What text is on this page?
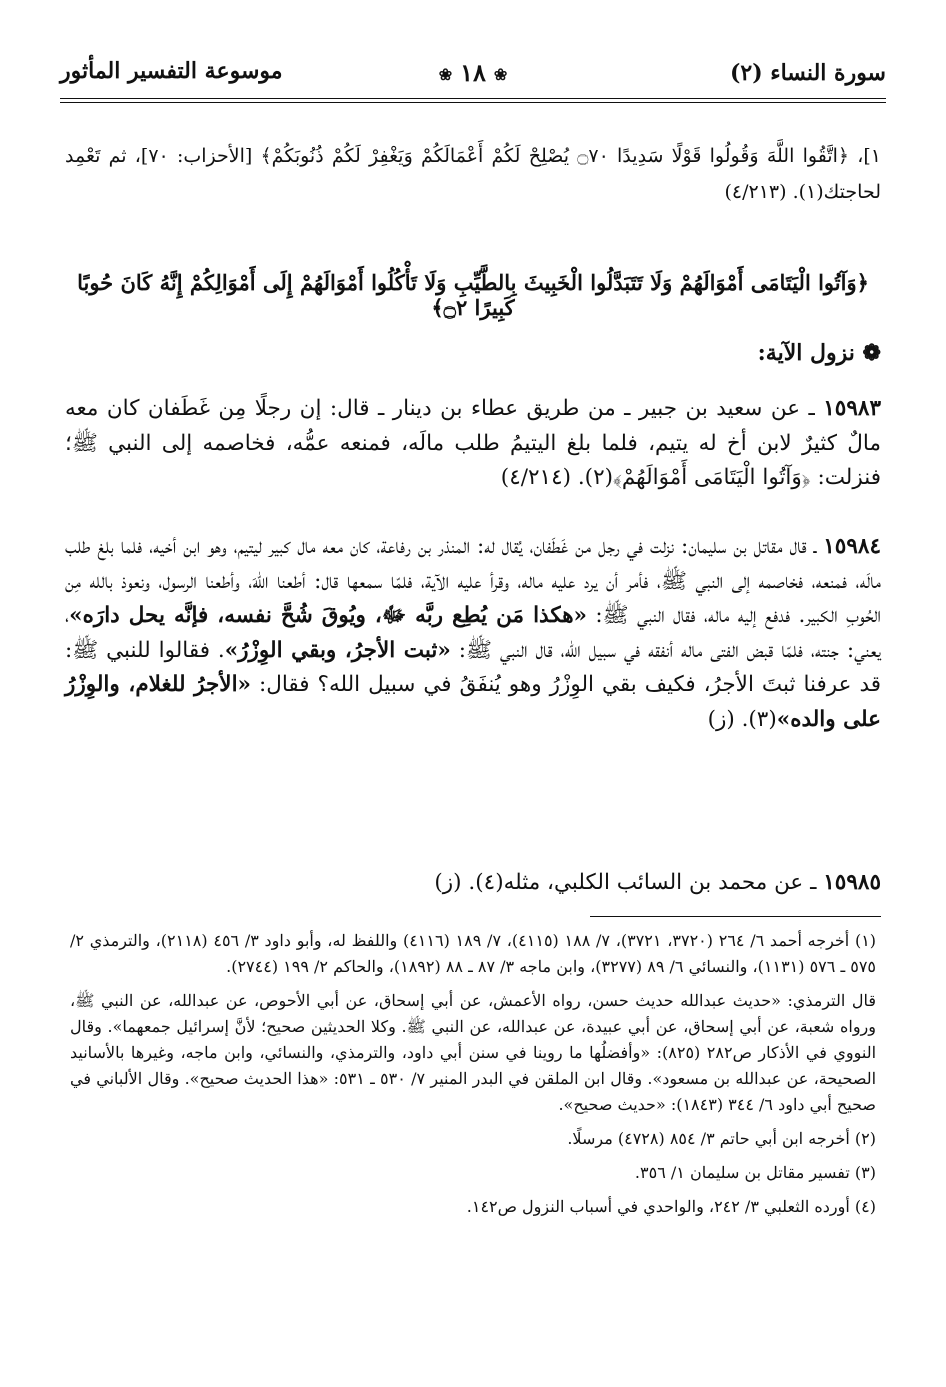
موسوعة التفسير المأثور	❀ ١٨ ❀	سورة النساء (٢)
١]، ﴿اتَّقُوا اللَّهَ وَقُولُوا قَوْلًا سَدِيدًا ۝٧٠ يُصْلِحْ لَكُمْ أَعْمَالَكُمْ وَيَغْفِرْ لَكُمْ ذُنُوبَكُمْ﴾ [الأحزاب: ٧٠]، ثم تَعْمِد لحاجتك(١). (٤/٢١٣)
﴿وَآتُوا الْيَتَامَى أَمْوَالَهُمْ وَلَا تَتَبَدَّلُوا الْخَبِيثَ بِالطَّيِّبِ وَلَا تَأْكُلُوا أَمْوَالَهُمْ إِلَى أَمْوَالِكُمْ إِنَّهُ كَانَ حُوبًا كَبِيرًا ۝٢﴾
❁ نزول الآية:
١٥٩٨٣ ـ عن سعيد بن جبير ـ من طريق عطاء بن دينار ـ قال: إن رجلًا مِن غَطَفان كان معه مالٌ كثيرٌ لابن أخ له يتيم، فلما بلغ اليتيمُ طلب مالَه، فمنعه عمُّه، فخاصمه إلى النبي ﷺ؛ فنزلت: ﴿وَآتُوا الْيَتَامَى أَمْوَالَهُمْ﴾(٢). (٤/٢١٤)
١٥٩٨٤ ـ قال مقاتل بن سليمان: نزلت في رجل من غَطَفان، يُقال له: المنذر بن رفاعة، كان معه مال كبير ليتيم، وهو ابن أخيه، فلما بلغ طلب مالَه، فمنعه، فخاصمه إلى النبي ﷺ، فأمر أن يرد عليه ماله، وقرأ عليه الآية، فلمّا سمعها قال: أطعنا اللهَ، وأطعنا الرسول، ونعوذ بالله مِن الحُوبِ الكبير. فدفع إليه ماله، فقال النبي ﷺ: «هكذا مَن يُطِع ربَّه ﷻ، ويُوقَ شُحَّ نفسه، فإنَّه يحل دارَه»، يعني: جنته، فلمّا قبض الفتى ماله أنفقه في سبيل الله، قال النبي ﷺ: «ثبت الأجرُ، وبقي الوِزْرُ». فقالوا للنبي ﷺ: قد عرفنا ثبتَ الأجرُ، فكيف بقي الوِزْرُ وهو يُنفَقُ في سبيل الله؟ فقال: «الأجرُ للغلام، والوِزْرُ على والده»(٣). (ز)
١٥٩٨٥ ـ عن محمد بن السائب الكلبي، مثله(٤). (ز)
(١) أخرجه أحمد ٦/ ٢٦٤ (٣٧٢٠، ٣٧٢١)، ٧/ ١٨٨ (٤١١٥)، ٧/ ١٨٩ (٤١١٦) واللفظ له، وأبو داود ٣/ ٤٥٦ (٢١١٨)، والترمذي ٢/ ٥٧٥ ـ ٥٧٦ (١١٣١)، والنسائي ٦/ ٨٩ (٣٢٧٧)، وابن ماجه ٣/ ٨٧ ـ ٨٨ (١٨٩٢)، والحاكم ٢/ ١٩٩ (٢٧٤٤).
قال الترمذي: «حديث عبدالله حديث حسن، رواه الأعمش، عن أبي إسحاق، عن أبي الأحوص، عن عبدالله، عن النبي ﷺ، ورواه شعبة، عن أبي إسحاق، عن أبي عبيدة، عن عبدالله، عن النبي ﷺ. وكلا الحديثين صحيح؛ لأنَّ إسرائيل جمعهما». وقال النووي في الأذكار ص٢٨٢ (٨٢٥): «وأفضلُها ما روينا في سنن أبي داود، والترمذي، والنسائي، وابن ماجه، وغيرها بالأسانيد الصحيحة، عن عبدالله بن مسعود». وقال ابن الملقن في البدر المنير ٧/ ٥٣٠ ـ ٥٣١: «هذا الحديث صحيح». وقال الألباني في صحيح أبي داود ٦/ ٣٤٤ (١٨٤٣): «حديث صحيح».
(٢) أخرجه ابن أبي حاتم ٣/ ٨٥٤ (٤٧٢٨) مرسلًا.
(٣) تفسير مقاتل بن سليمان ١/ ٣٥٦.
(٤) أورده الثعلبي ٣/ ٢٤٢، والواحدي في أسباب النزول ص١٤٢.
